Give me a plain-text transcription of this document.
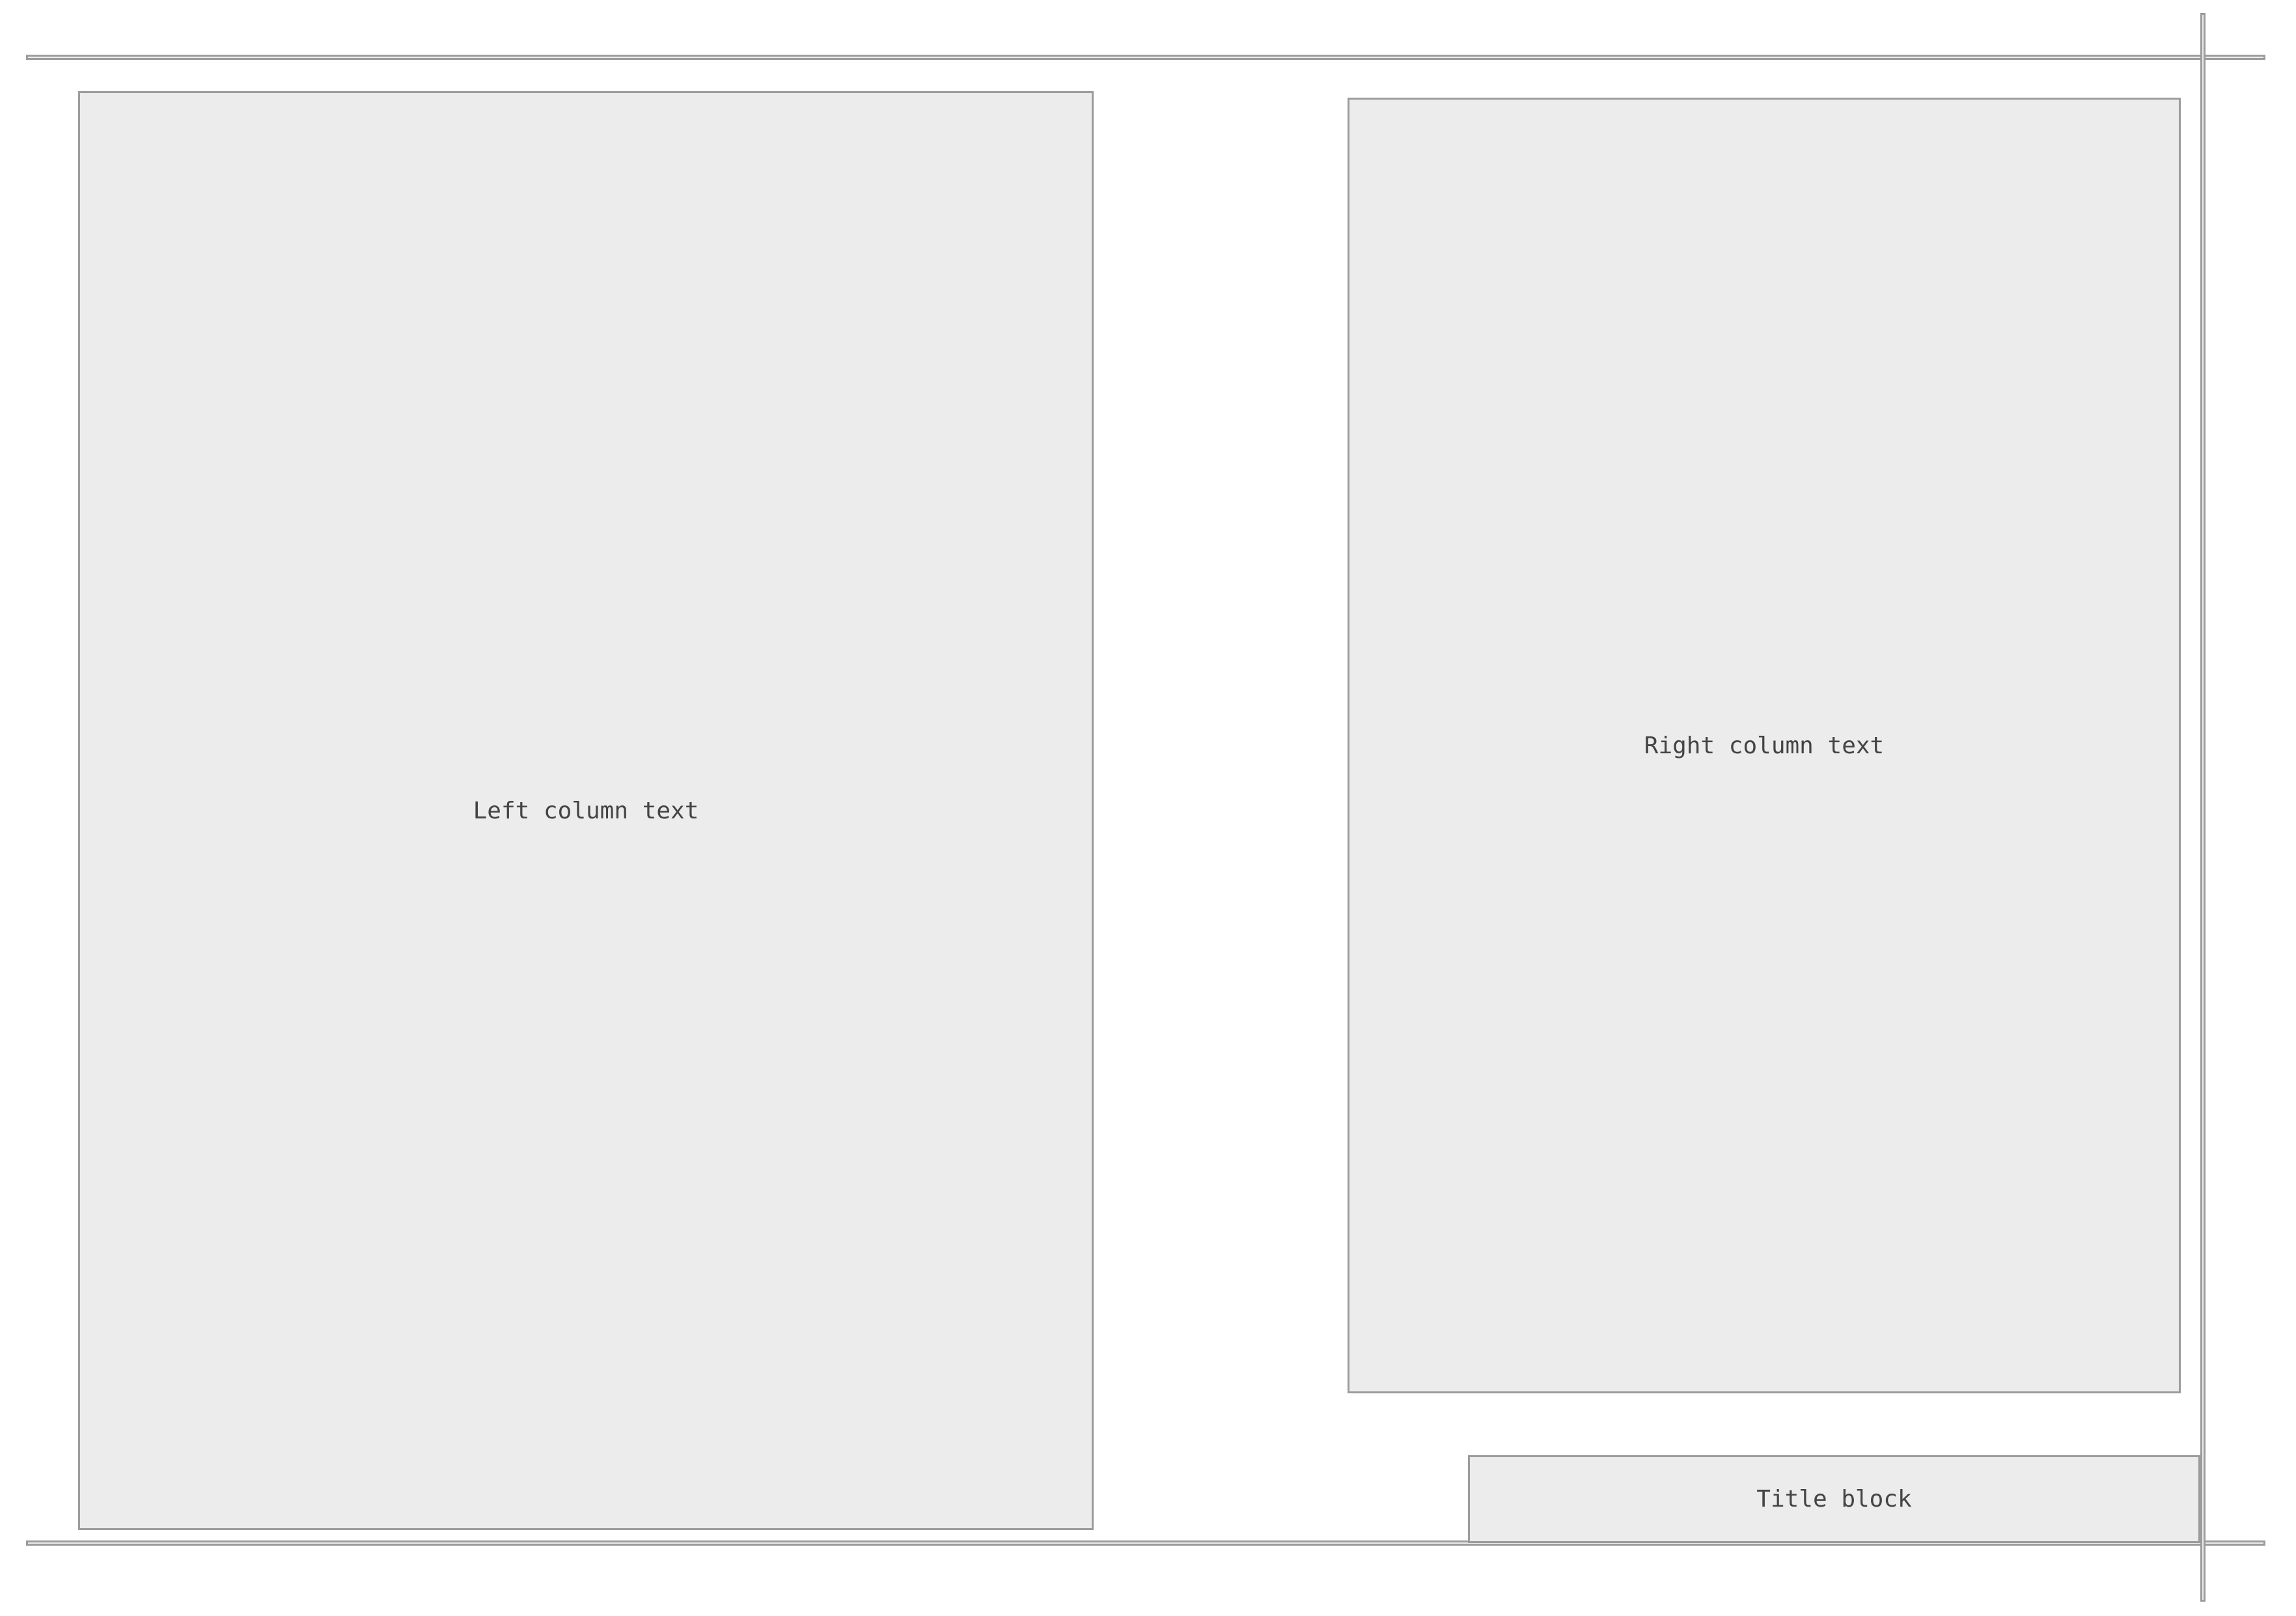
Left column text
Right column text
Title block
